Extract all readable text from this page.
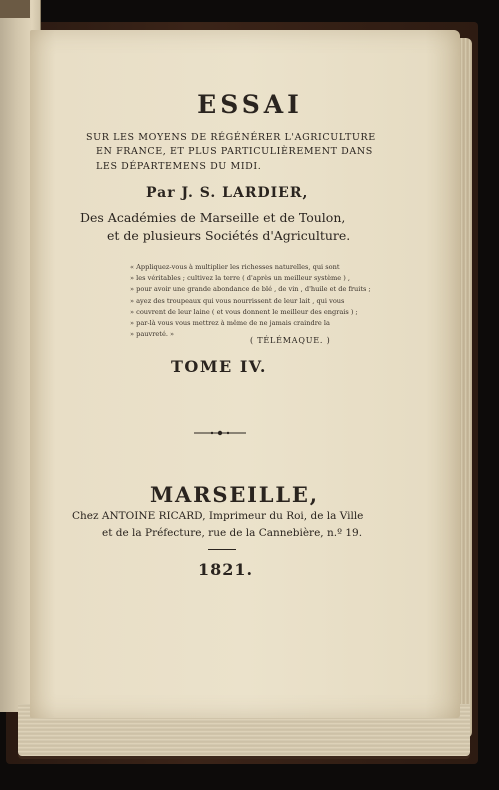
ESSAI
SUR LES MOYENS DE RÉGÉNÉRER L'AGRICULTURE
EN FRANCE, ET PLUS PARTICULIÈREMENT DANS
LES DÉPARTEMENS DU MIDI.
Par J. S. LARDIER,
Des Académies de Marseille et de Toulon,
et de plusieurs Sociétés d'Agriculture.
« Appliquez-vous à multiplier les richesses naturelles, qui sont
» les véritables ; cultivez la terre ( d'après un meilleur système ) ,
» pour avoir une grande abondance de blé , de vin , d'huile et de fruits ;
» ayez des troupeaux qui vous nourrissent de leur lait , qui vous
» couvrent de leur laine ( et vous donnent le meilleur des engrais ) ;
» par-là vous vous mettrez à même de ne jamais craindre la
» pauvreté. »
( TÉLÉMAQUE. )
TOME IV.
MARSEILLE,
Chez ANTOINE RICARD, Imprimeur du Roi, de la Ville
et de la Préfecture, rue de la Cannebière, n.º 19.
1821.
